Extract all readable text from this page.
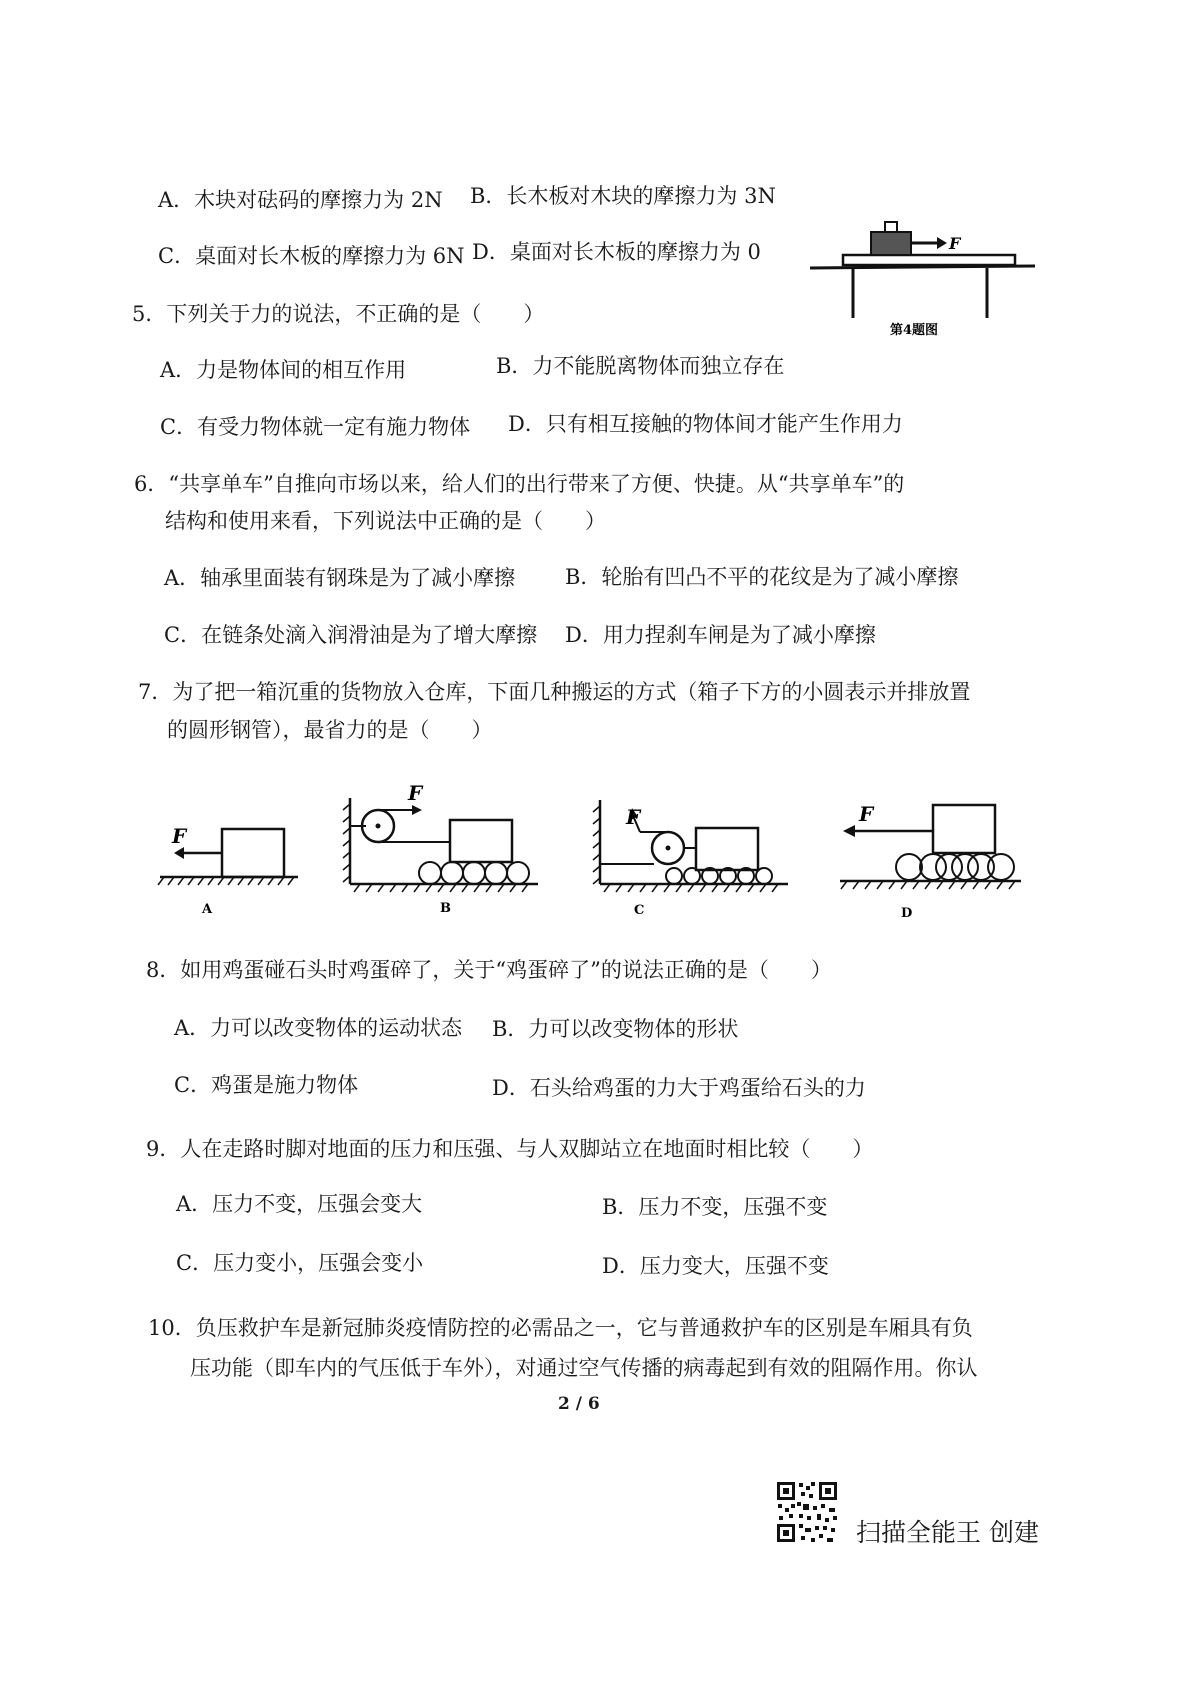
A．木块对砝码的摩擦力为 2N B．长木板对木块的摩擦力为 3N
C．桌面对长木板的摩擦力为 6N D．桌面对长木板的摩擦力为 0	F
第4题图
5．下列关于力的说法，不正确的是（　　）
A．力是物体间的相互作用	B．力不能脱离物体而独立存在
C．有受力物体就一定有施力物体 D．只有相互接触的物体间才能产生作用力
6．“共享单车”自推向市场以来，给人们的出行带来了方便、快捷。从“共享单车”的
结构和使用来看，下列说法中正确的是（　　）
A．轴承里面装有钢珠是为了减小摩擦 B．轮胎有凹凸不平的花纹是为了减小摩擦
C．在链条处滴入润滑油是为了增大摩擦 D．用力捏刹车闸是为了减小摩擦
7．为了把一箱沉重的货物放入仓库，下面几种搬运的方式（箱子下方的小圆表示并排放置
的圆形钢管），最省力的是（　　）
F
A
F
B
F
C
F
D
8．如用鸡蛋碰石头时鸡蛋碎了，关于“鸡蛋碎了”的说法正确的是（　　）
A．力可以改变物体的运动状态 B．力可以改变物体的形状
C．鸡蛋是施力物体	D．石头给鸡蛋的力大于鸡蛋给石头的力
9．人在走路时脚对地面的压力和压强、与人双脚站立在地面时相比较（　　）
A．压力不变，压强会变大	B．压力不变，压强不变
C．压力变小，压强会变小	D．压力变大，压强不变
10．负压救护车是新冠肺炎疫情防控的必需品之一，它与普通救护车的区别是车厢具有负
压功能（即车内的气压低于车外），对通过空气传播的病毒起到有效的阻隔作用。你认
2 / 6
扫描全能王 创建
